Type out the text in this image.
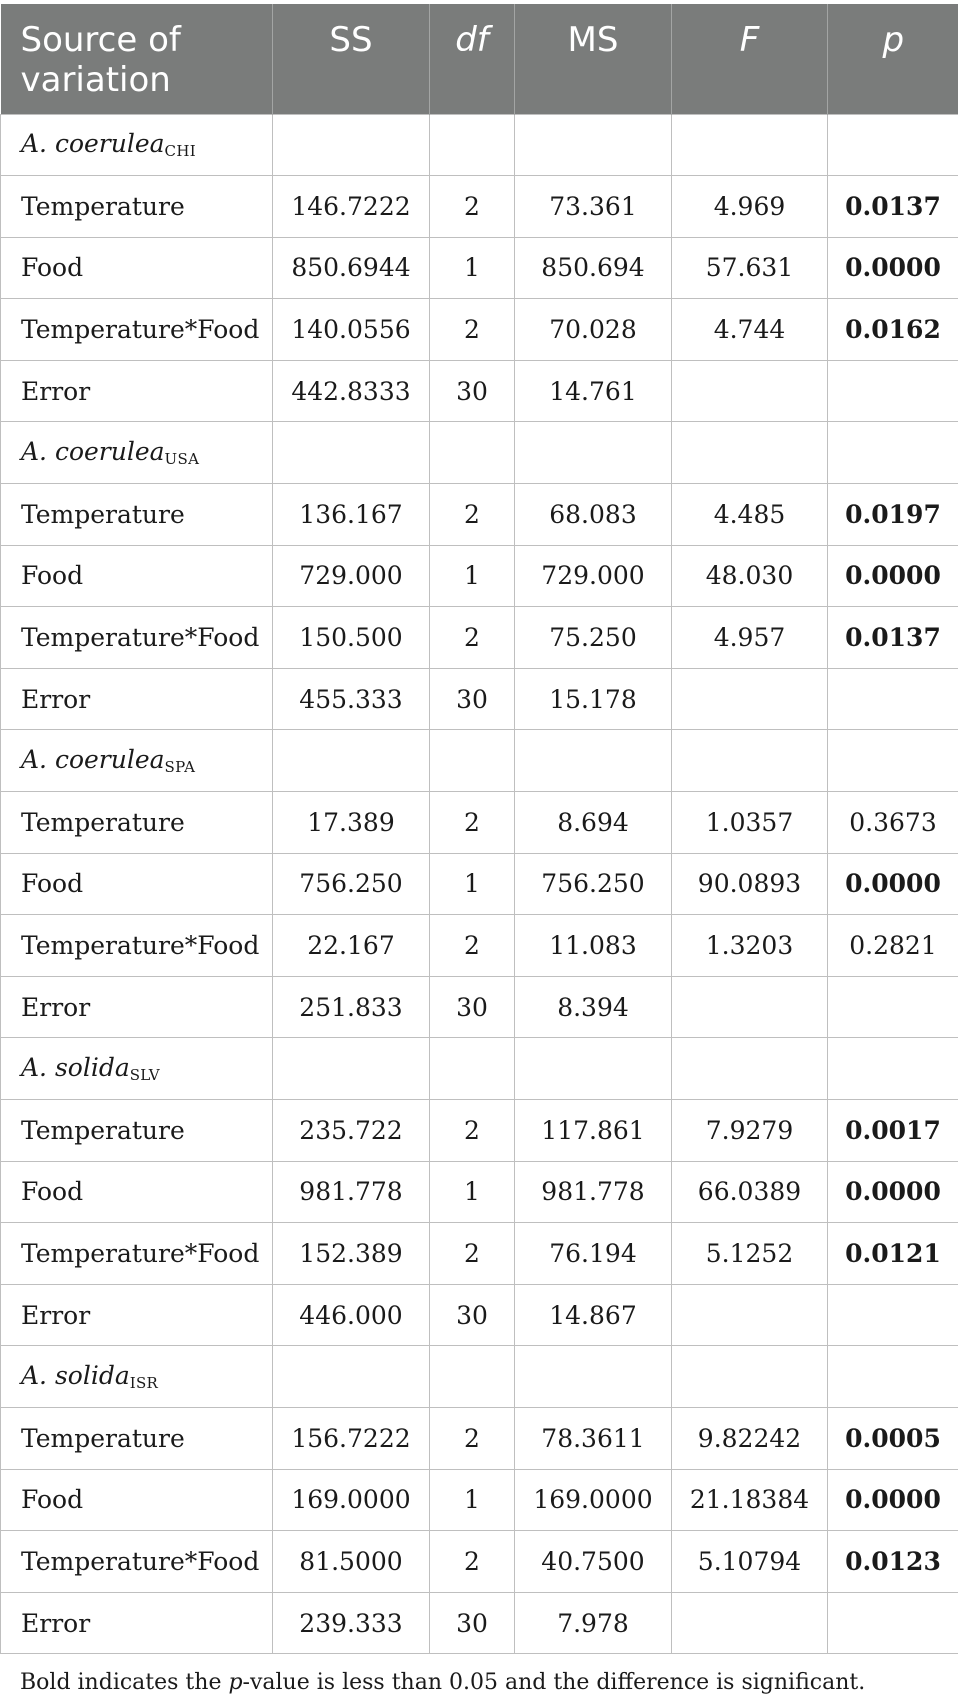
Source of variation	SS	df	MS	F	p
A. coerulea$_{CHI}$					
Temperature	146.7222	2	73.361	4.969	0.0137
Food	850.6944	1	850.694	57.631	0.0000
Temperature*Food	140.0556	2	70.028	4.744	0.0162
Error	442.8333	30	14.761		
A. coerulea$_{USA}$					
Temperature	136.167	2	68.083	4.485	0.0197
Food	729.000	1	729.000	48.030	0.0000
Temperature*Food	150.500	2	75.250	4.957	0.0137
Error	455.333	30	15.178		
A. coerulea$_{SPA}$					
Temperature	17.389	2	8.694	1.0357	0.3673
Food	756.250	1	756.250	90.0893	0.0000
Temperature*Food	22.167	2	11.083	1.3203	0.2821
Error	251.833	30	8.394		
A. solida$_{SLV}$					
Temperature	235.722	2	117.861	7.9279	0.0017
Food	981.778	1	981.778	66.0389	0.0000
Temperature*Food	152.389	2	76.194	5.1252	0.0121
Error	446.000	30	14.867		
A. solida$_{ISR}$					
Temperature	156.7222	2	78.3611	9.82242	0.0005
Food	169.0000	1	169.0000	21.18384	0.0000
Temperature*Food	81.5000	2	40.7500	5.10794	0.0123
Error	239.333	30	7.978		
Bold indicates the p-value is less than 0.05 and the difference is significant.
